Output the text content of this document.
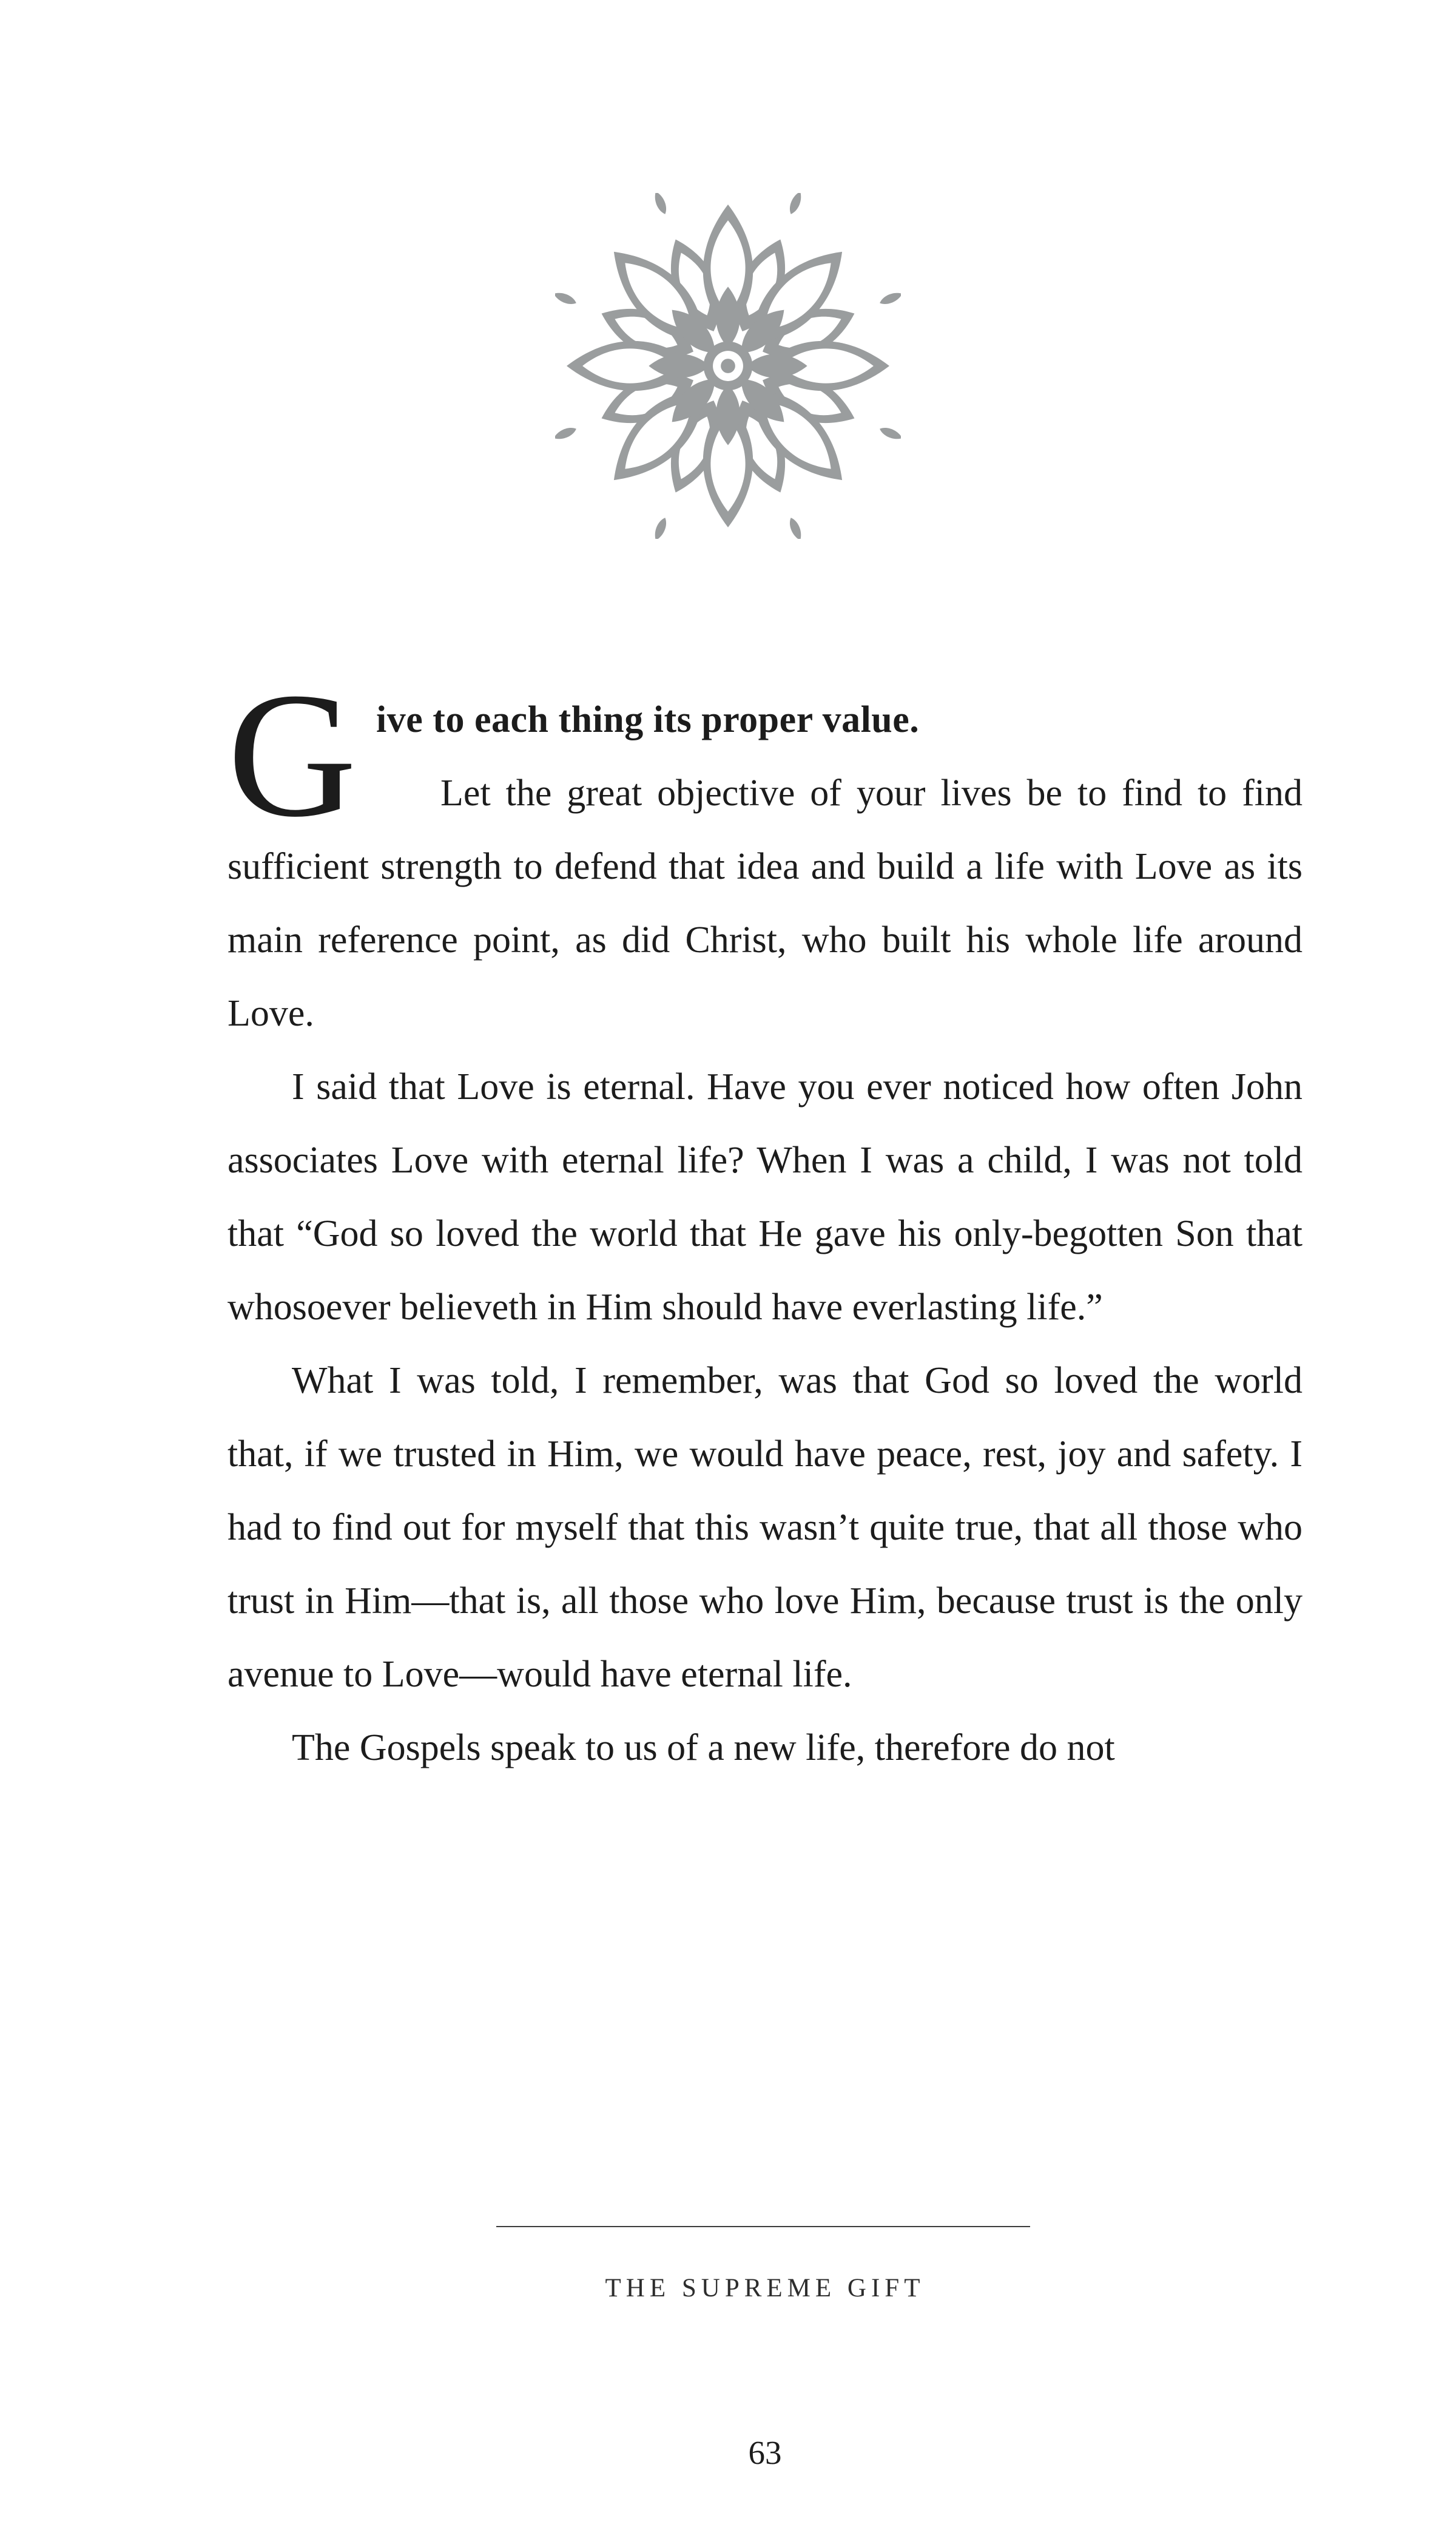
Give to each thing its proper value.
Let the great objective of your lives be to find to find sufficient strength to defend that idea and build a life with Love as its main reference point, as did Christ, who built his whole life around Love.

I said that Love is eternal. Have you ever noticed how often John associates Love with eternal life? When I was a child, I was not told that “God so loved the world that He gave his only-begotten Son that whosoever believeth in Him should have everlasting life.”

What I was told, I remember, was that God so loved the world that, if we trusted in Him, we would have peace, rest, joy and safety. I had to find out for myself that this wasn’t quite true, that all those who trust in Him—that is, all those who love Him, because trust is the only avenue to Love—would have eternal life.

The Gospels speak to us of a new life, therefore do not

THE SUPREME GIFT
63
